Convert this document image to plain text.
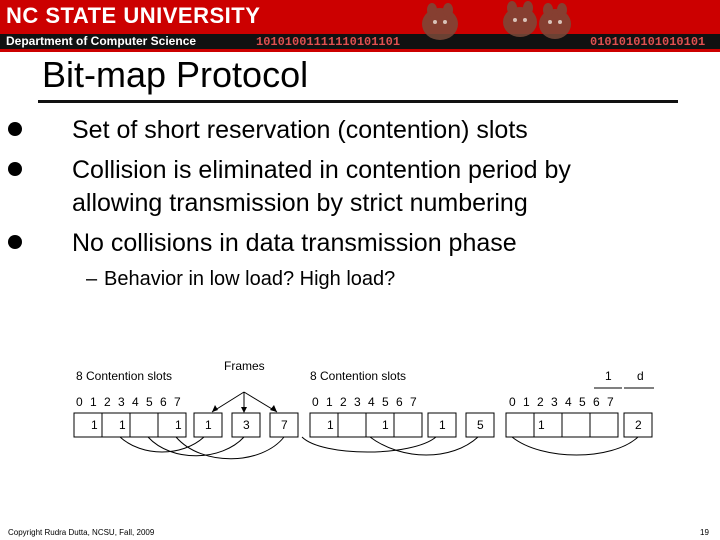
NC STATE UNIVERSITY
Department of Computer Science	10101001111110101101	0101010101010101
Bit-map Protocol
Set of short reservation (contention) slots
Collision is eliminated in contention period by
allowing transmission by strict numbering
No collisions in data transmission phase
– Behavior in low load? High load?
8 Contention slots
Frames
8 Contention slots	1 d
0 1 2 3 4 5 6 7	0 1 2 3 4 5 6 7	0 1 2 3 4 5 6 7
1 1	1 1	3	7	1	1	1	5	1	2
Copyright Rudra Dutta, NCSU, Fall, 2009	19
